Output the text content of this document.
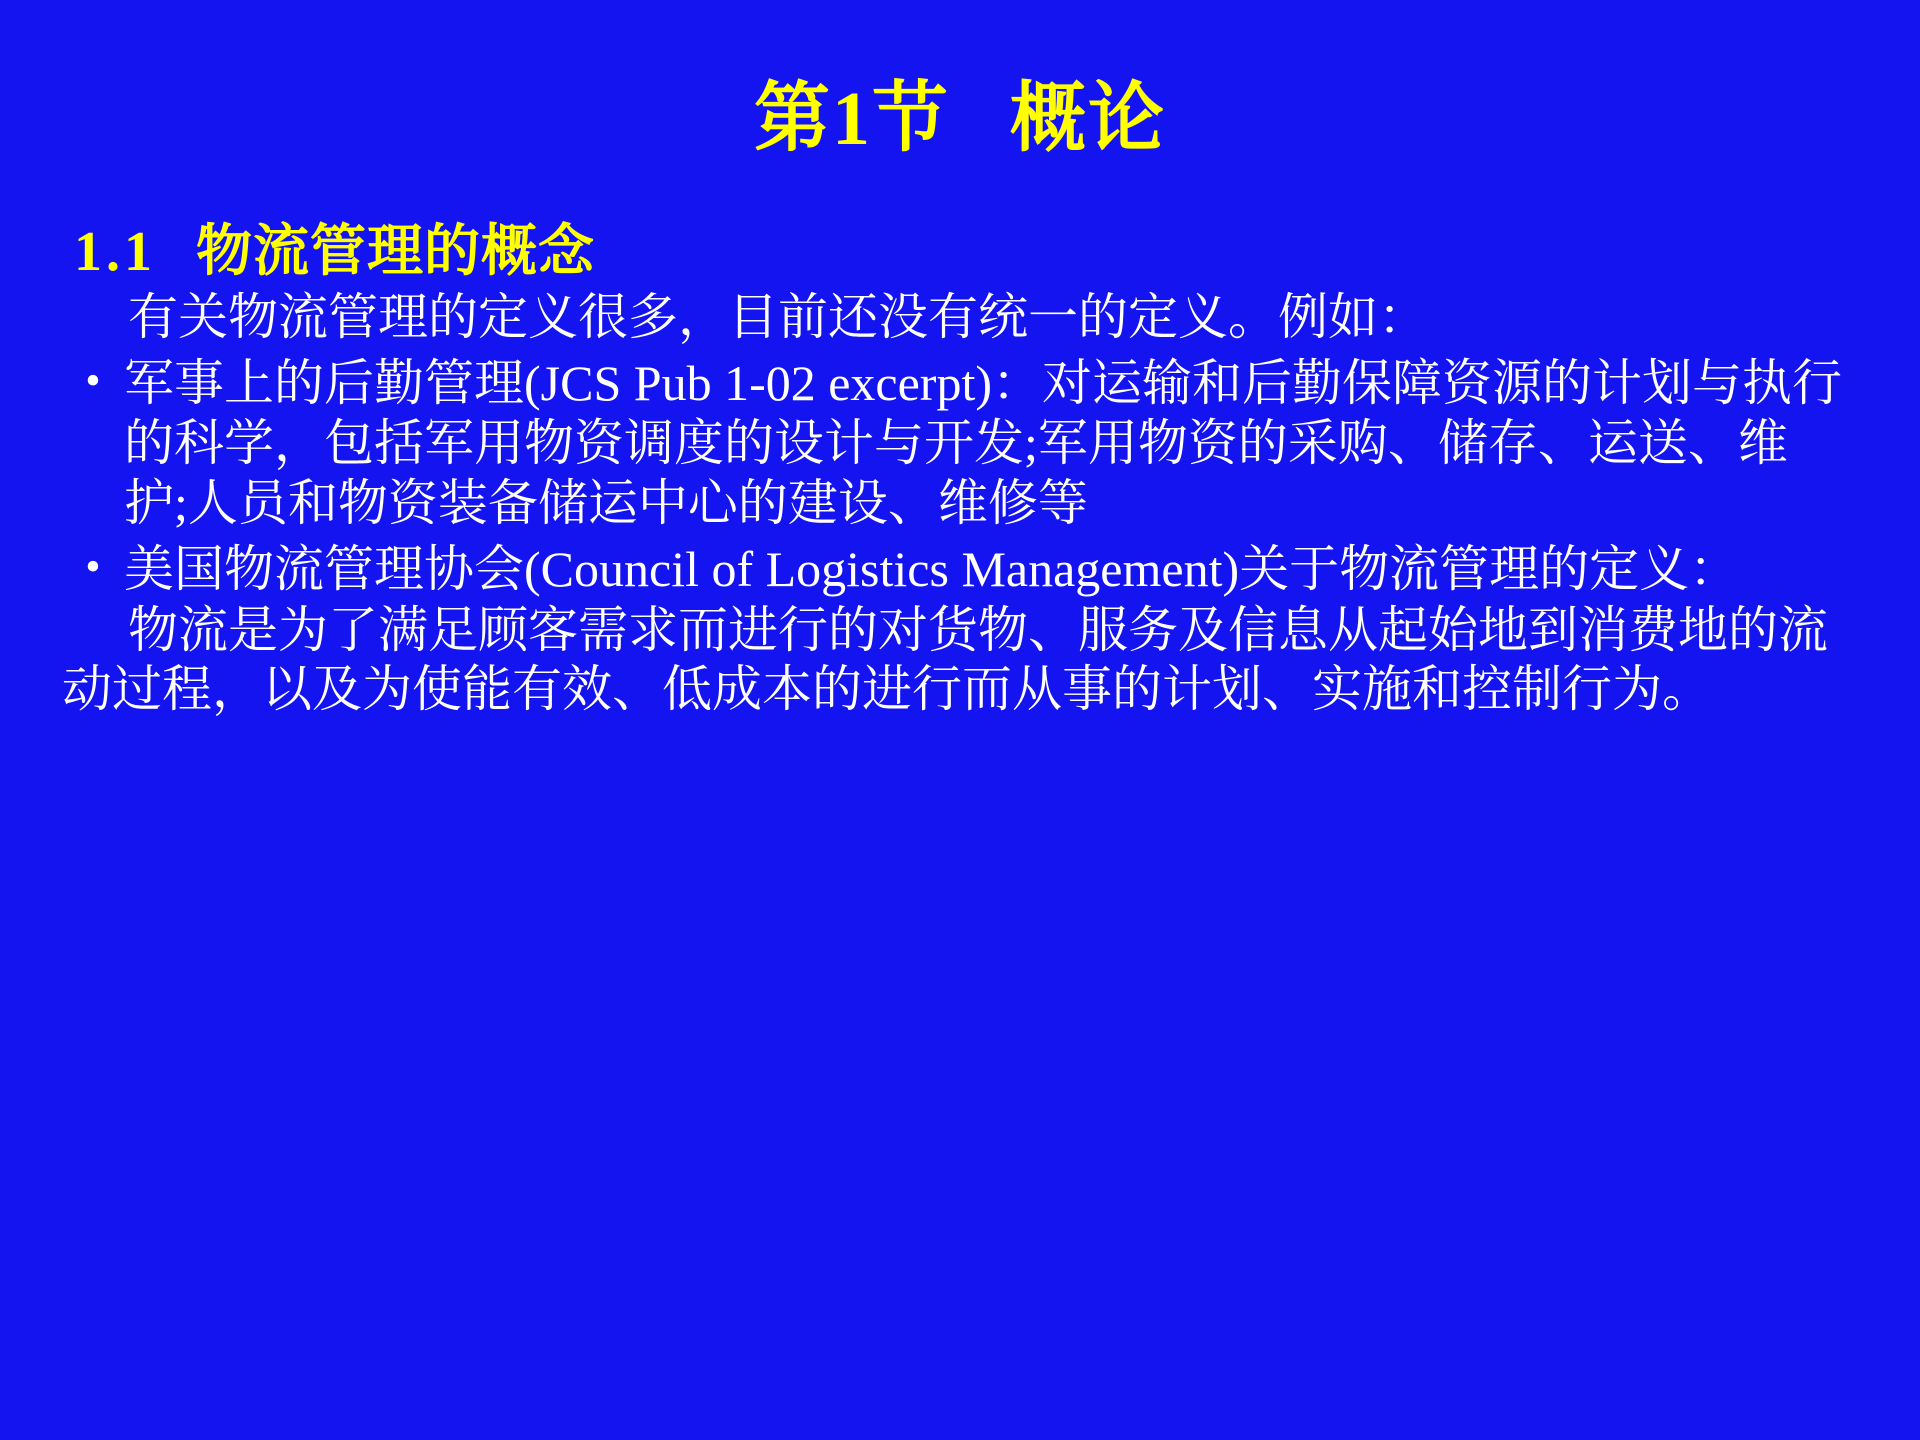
第1节 概论
1.1 物流管理的概念

有关物流管理的定义很多，目前还没有统一的定义。例如：

• 军事上的后勤管理(JCS Pub 1-02 excerpt)：对运输和后勤保障资源的计划与执行的科学，包括军用物资调度的设计与开发;军用物资的采购、储存、运送、维护;人员和物资装备储运中心的建设、维修等
• 美国物流管理协会(Council of Logistics Management)关于物流管理的定义：

物流是为了满足顾客需求而进行的对货物、服务及信息从起始地到消费地的流动过程，以及为使能有效、低成本的进行而从事的计划、实施和控制行为。
